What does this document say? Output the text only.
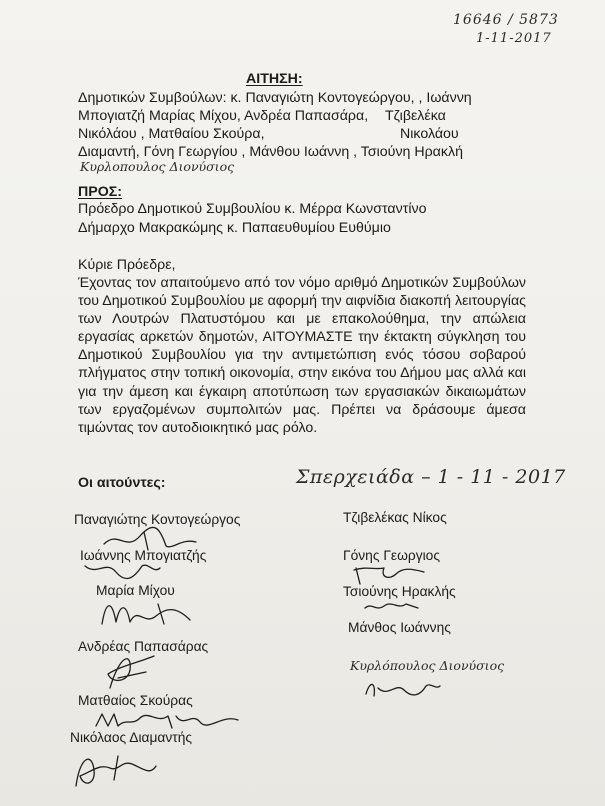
16646 / 5873
1-11-2017
ΑΙΤΗΣΗ:
Δημοτικών Συμβούλων: κ. Παναγιώτη Κοντογεώργου, , Ιωάννη
Μπογιατζή Μαρίας Μίχου, Ανδρέα Παπασάρα, Τζιβελέκα
Νικόλάου , Ματθαίου Σκούρα,	Νικολάου
Διαμαντή, Γόνη Γεωργίου , Μάνθου Ιωάννη , Τσιούνη Ηρακλή
Κυρλοπουλος Διονύσιος
ΠΡΟΣ:
Πρόεδρο Δημοτικού Συμβουλίου κ. Μέρρα Κωνσταντίνο
Δήμαρχο Μακρακώμης κ. Παπαευθυμίου Ευθύμιο
Κύριε Πρόεδρε,
Έχοντας τον απαιτούμενο από τον νόμο αριθμό Δημοτικών Συμβούλων του Δημοτικού Συμβουλίου με αφορμή την αιφνίδια διακοπή λειτουργίας των Λουτρών Πλατυστόμου και με επακολούθημα, την απώλεια εργασίας αρκετών δημοτών, ΑΙΤΟΥΜΑΣΤΕ την έκτακτη σύγκληση του Δημοτικού Συμβουλίου για την αντιμετώπιση ενός τόσου σοβαρού πλήγματος στην τοπική οικονομία, στην εικόνα του Δήμου μας αλλά και για την άμεση και έγκαιρη αποτύπωση των εργασιακών δικαιωμάτων των εργαζομένων συμπολιτών μας. Πρέπει να δράσουμε άμεσα τιμώντας τον αυτοδιοικητικό μας ρόλο.
Οι αιτούντες:	Σπερχειάδα – 1 - 11 - 2017
Παναγιώτης Κοντογεώργος
Ιωάννης Μπογιατζής
Μαρία Μίχου
Ανδρέας Παπασάρας
Ματθαίος Σκούρας
Νικόλαος Διαμαντής
Τζιβελέκας Νίκος
Γόνης Γεωργιος
Τσιούνης Ηρακλής
Μάνθος Ιωάννης
Κυρλόπουλος Διονύσιος
